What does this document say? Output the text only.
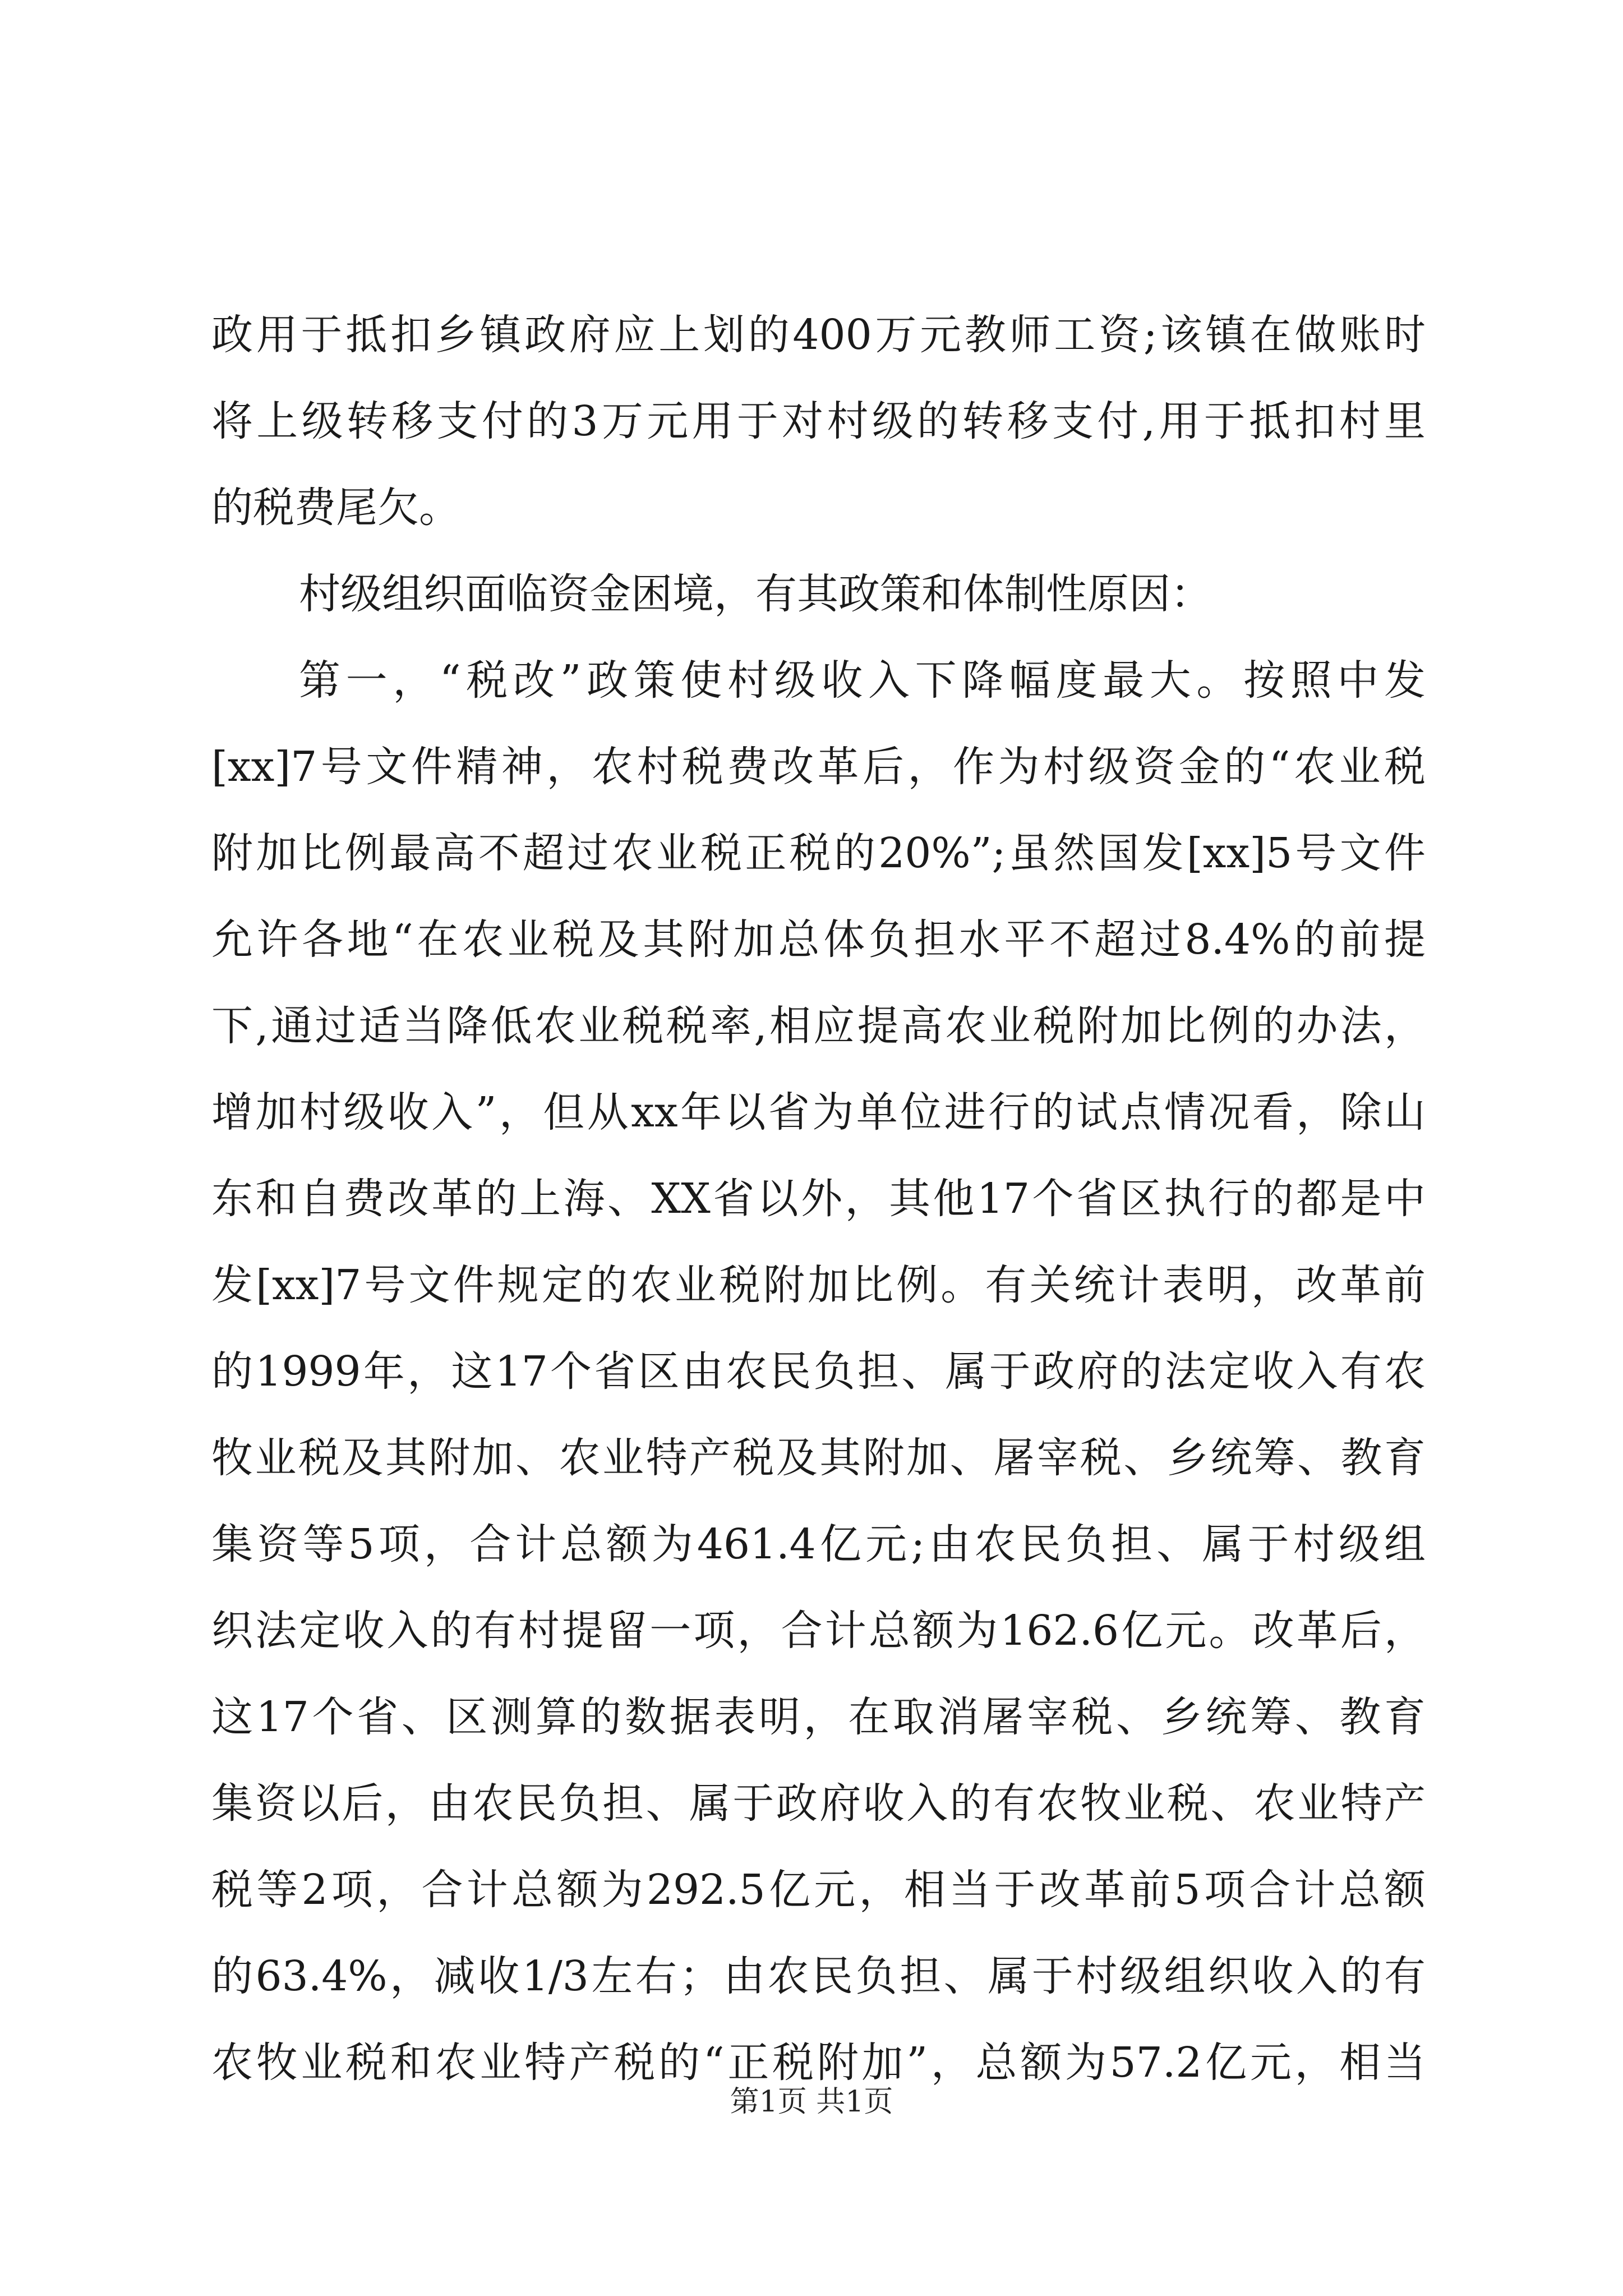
政用于抵扣乡镇政府应上划的400万元教师工资;该镇在做账时
将上级转移支付的3万元用于对村级的转移支付,用于抵扣村里
的税费尾欠。
村级组织面临资金困境，有其政策和体制性原因：
第一，“税改”政策使村级收入下降幅度最大。按照中发
[xx]7号文件精神，农村税费改革后，作为村级资金的“农业税
附加比例最高不超过农业税正税的20%”;虽然国发[xx]5号文件
允许各地“在农业税及其附加总体负担水平不超过8.4%的前提
下,通过适当降低农业税税率,相应提高农业税附加比例的办法，
增加村级收入”，但从xx年以省为单位进行的试点情况看，除山
东和自费改革的上海、XX省以外，其他17个省区执行的都是中
发[xx]7号文件规定的农业税附加比例。有关统计表明，改革前
的1999年，这17个省区由农民负担、属于政府的法定收入有农
牧业税及其附加、农业特产税及其附加、屠宰税、乡统筹、教育
集资等5项，合计总额为461.4亿元;由农民负担、属于村级组
织法定收入的有村提留一项，合计总额为162.6亿元。改革后，
这17个省、区测算的数据表明，在取消屠宰税、乡统筹、教育
集资以后，由农民负担、属于政府收入的有农牧业税、农业特产
税等2项，合计总额为292.5亿元，相当于改革前5项合计总额
的63.4%，减收1/3左右；由农民负担、属于村级组织收入的有
农牧业税和农业特产税的“正税附加”，总额为57.2亿元，相当
第1页 共1页
